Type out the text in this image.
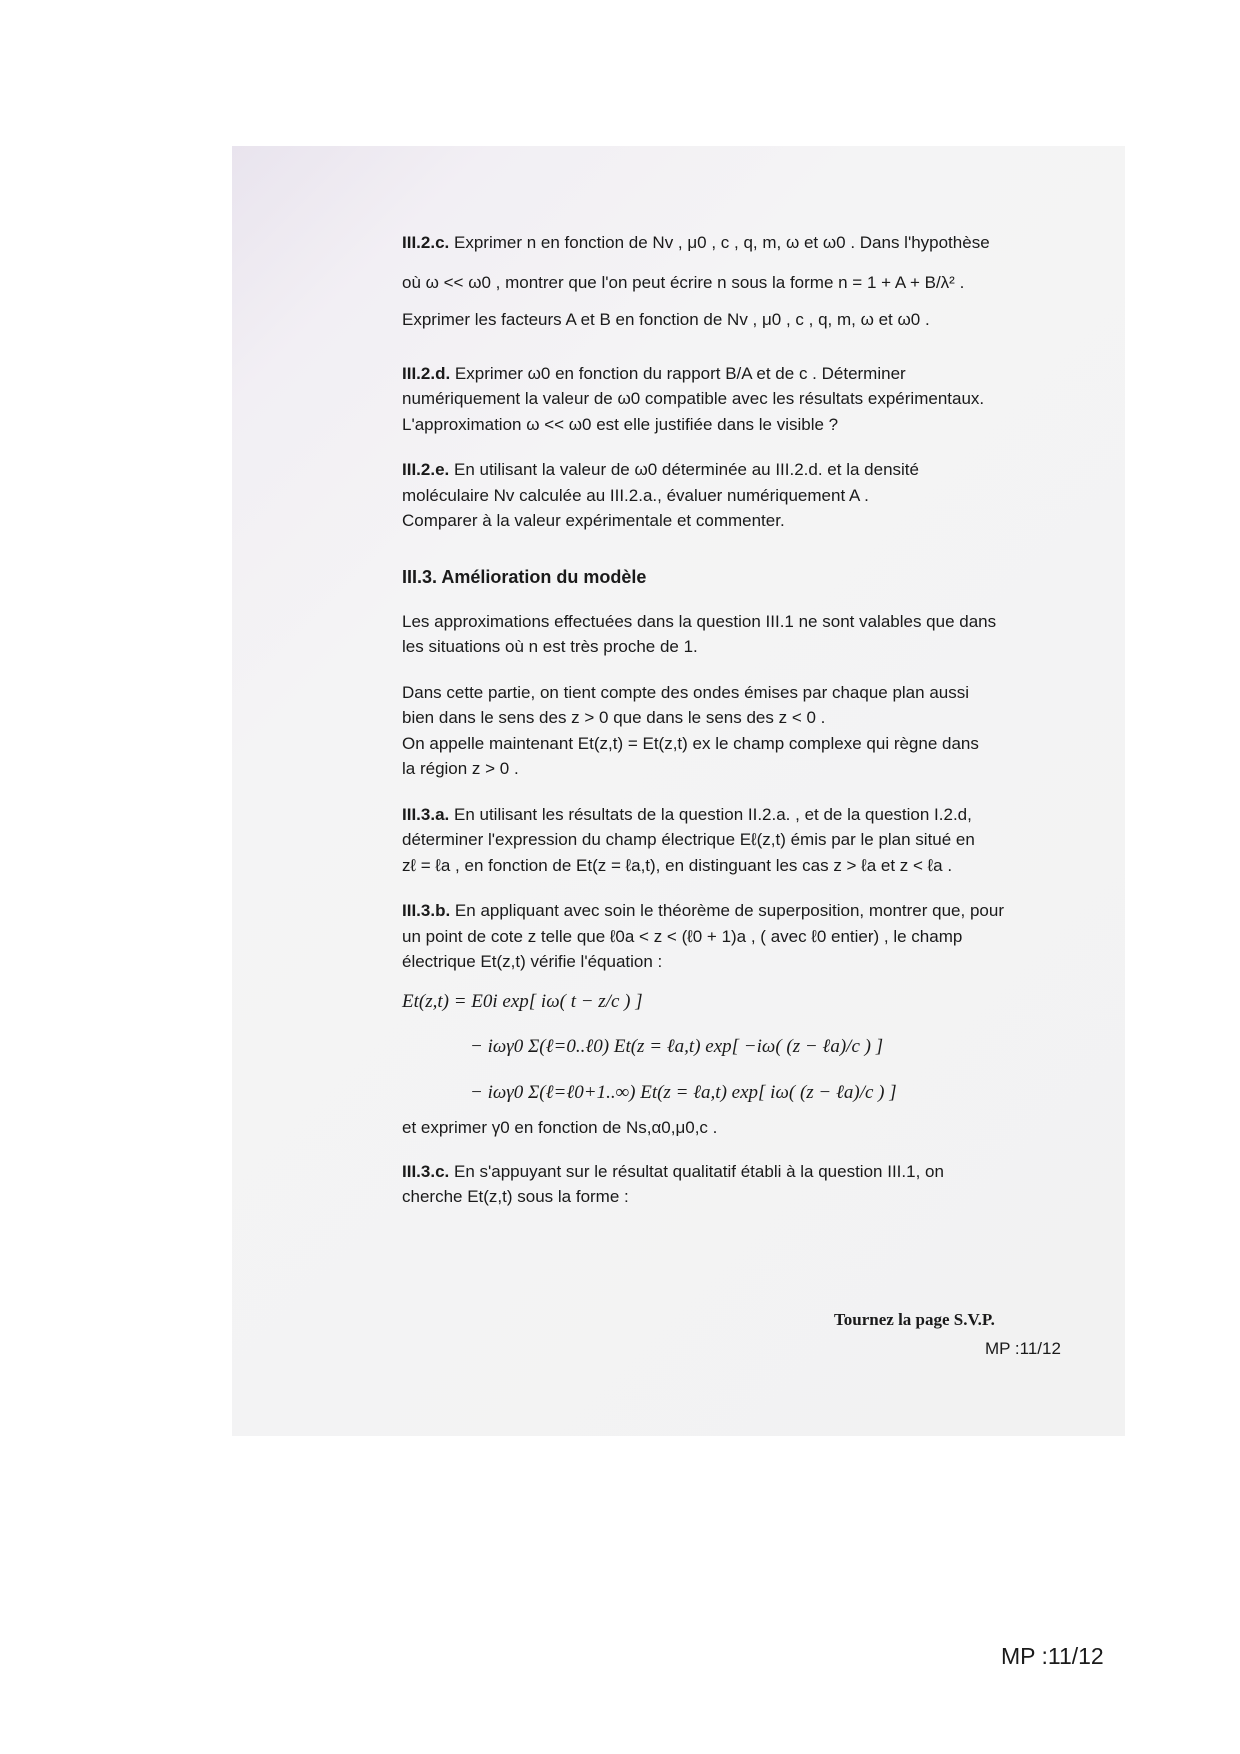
III.2.c. Exprimer n en fonction de Nv , μ0 , c , q, m, ω et ω0 . Dans l'hypothèse

où ω << ω0 , montrer que l'on peut écrire n sous la forme n = 1 + A + B/λ² .

Exprimer les facteurs A et B en fonction de Nv , μ0 , c , q, m, ω et ω0 .

III.2.d. Exprimer ω0 en fonction du rapport B/A et de c . Déterminer

numériquement la valeur de ω0 compatible avec les résultats expérimentaux.

L'approximation ω << ω0 est elle justifiée dans le visible ?

III.2.e. En utilisant la valeur de ω0 déterminée au III.2.d. et la densité

moléculaire Nv calculée au III.2.a., évaluer numériquement A .

Comparer à la valeur expérimentale et commenter.

III.3. Amélioration du modèle

Les approximations effectuées dans la question III.1 ne sont valables que dans

les situations où n est très proche de 1.

Dans cette partie, on tient compte des ondes émises par chaque plan aussi

bien dans le sens des z > 0 que dans le sens des z < 0 .

On appelle maintenant Et(z,t) = Et(z,t) ex le champ complexe qui règne dans

la région z > 0 .

III.3.a. En utilisant les résultats de la question II.2.a. , et de la question I.2.d,

déterminer l'expression du champ électrique Eℓ(z,t) émis par le plan situé en

zℓ = ℓa , en fonction de Et(z = ℓa,t), en distinguant les cas z > ℓa et z < ℓa .

III.3.b. En appliquant avec soin le théorème de superposition, montrer que, pour

un point de cote z telle que ℓ0a < z < (ℓ0 + 1)a , ( avec ℓ0 entier) , le champ

électrique Et(z,t) vérifie l'équation :

Et(z,t) = E0i exp[ iω( t − z/c ) ]

− iωγ0 Σ(ℓ=0..ℓ0) Et(z = ℓa,t) exp[ −iω( (z − ℓa)/c ) ]

− iωγ0 Σ(ℓ=ℓ0+1..∞) Et(z = ℓa,t) exp[ iω( (z − ℓa)/c ) ]

et exprimer γ0 en fonction de Ns,α0,μ0,c .

III.3.c. En s'appuyant sur le résultat qualitatif établi à la question III.1, on

cherche Et(z,t) sous la forme :

Tournez la page S.V.P.
MP :11/12
MP :11/12
